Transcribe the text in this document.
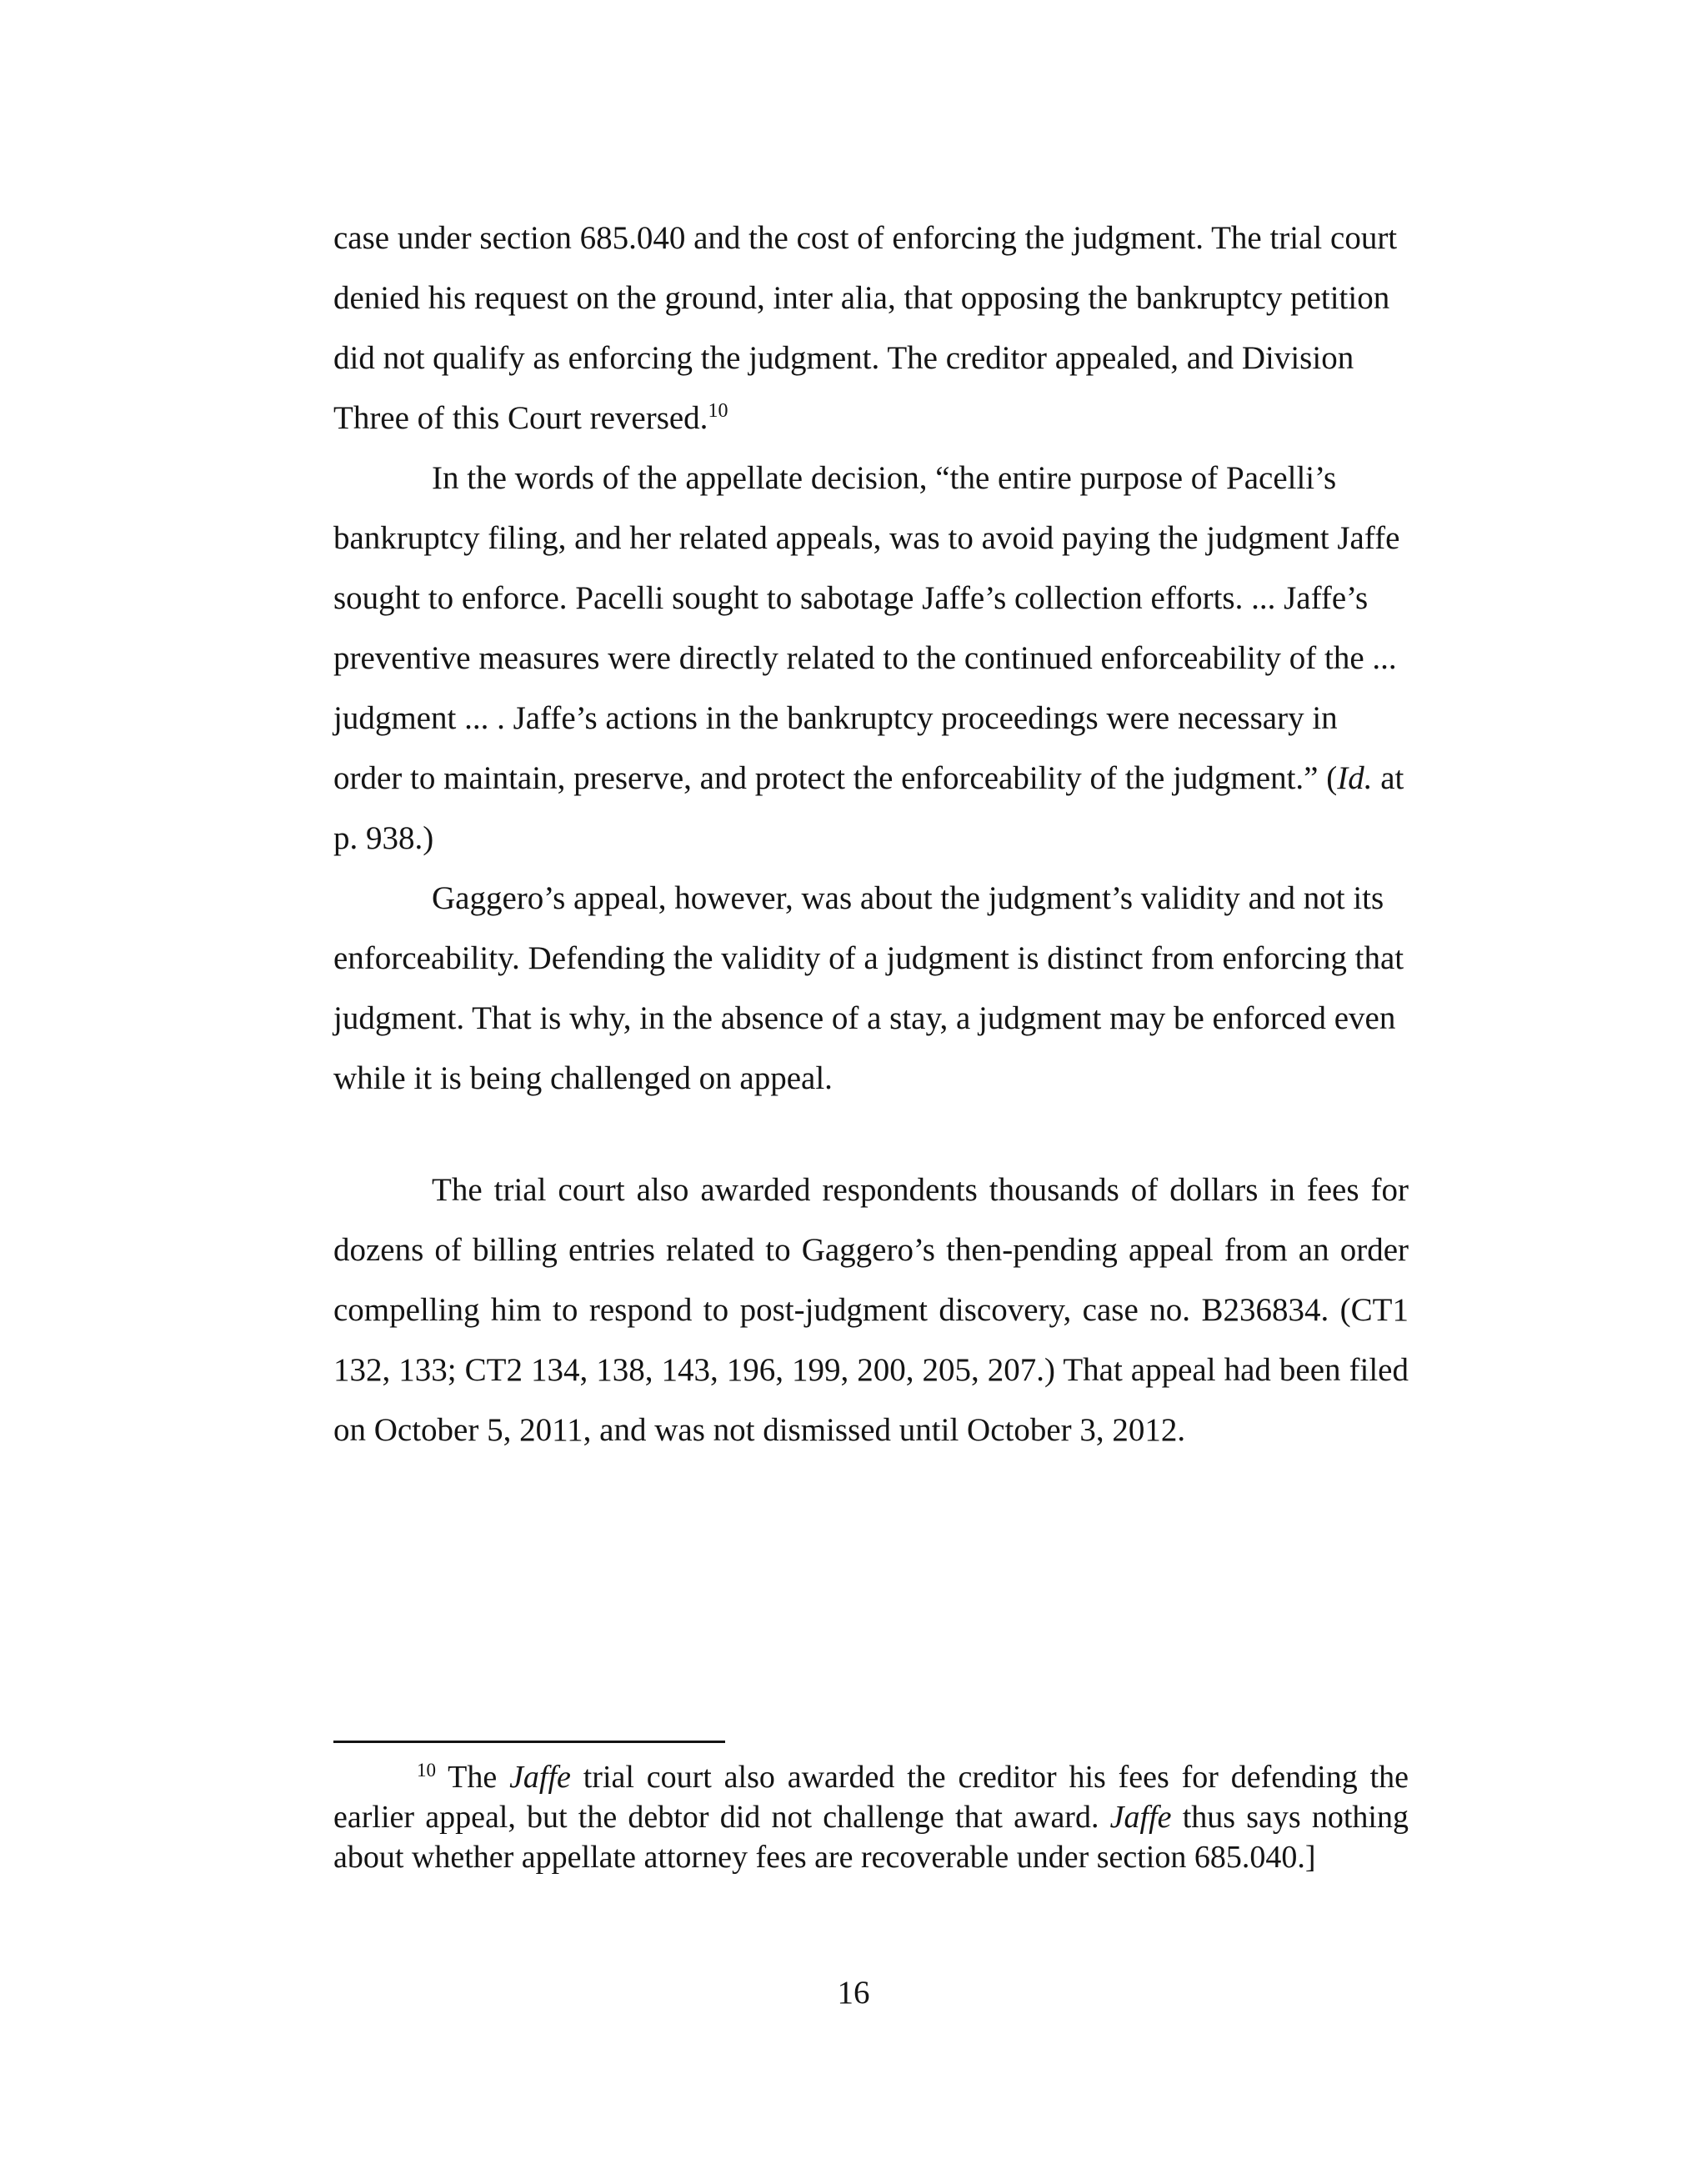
case under section 685.040 and the cost of enforcing the judgment. The trial court denied his request on the ground, inter alia, that opposing the bankruptcy petition did not qualify as enforcing the judgment. The creditor appealed, and Division Three of this Court reversed.$^{10}$

In the words of the appellate decision, “the entire purpose of Pacelli’s bankruptcy filing, and her related appeals, was to avoid paying the judgment Jaffe sought to enforce. Pacelli sought to sabotage Jaffe’s collection efforts. ... Jaffe’s preventive measures were directly related to the continued enforceability of the ... judgment ... . Jaffe’s actions in the bankruptcy proceedings were necessary in order to maintain, preserve, and protect the enforceability of the judgment.” (Id. at p. 938.)

Gaggero’s appeal, however, was about the judgment’s validity and not its enforceability. Defending the validity of a judgment is distinct from enforcing that judgment. That is why, in the absence of a stay, a judgment may be enforced even while it is being challenged on appeal.

The trial court also awarded respondents thousands of dollars in fees for dozens of billing entries related to Gaggero’s then-pending appeal from an order compelling him to respond to post-judgment discovery, case no. B236834. (CT1 132, 133; CT2 134, 138, 143, 196, 199, 200, 205, 207.) That appeal had been filed on October 5, 2011, and was not dismissed until October 3, 2012.

$^{10}$ The Jaffe trial court also awarded the creditor his fees for defending the earlier appeal, but the debtor did not challenge that award. Jaffe thus says nothing about whether appellate attorney fees are recoverable under section 685.040.]

16
